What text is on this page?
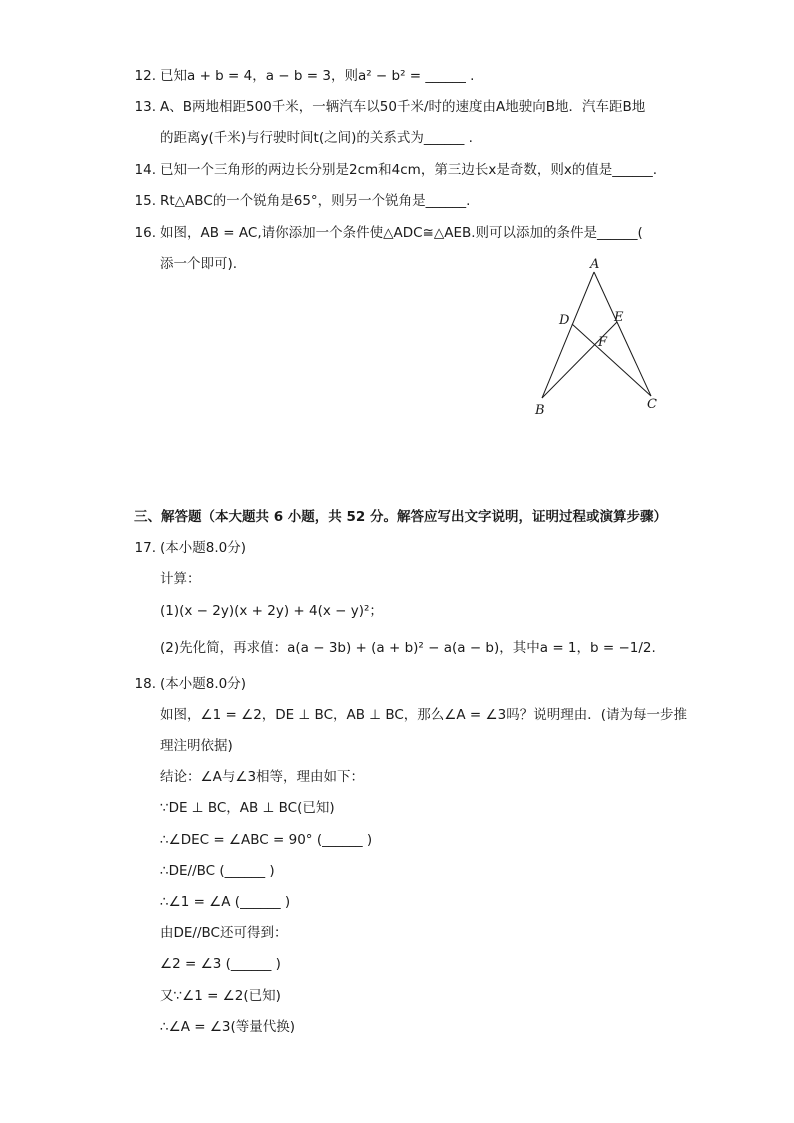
12. 已知a + b = 4，a − b = 3，则a² − b² = ______ .
13. A、B两地相距500千米，一辆汽车以50千米/时的速度由A地驶向B地．汽车距B地
的距离y(千米)与行驶时间t(之间)的关系式为______ .
14. 已知一个三角形的两边长分别是2cm和4cm，第三边长x是奇数，则x的值是______.
15. Rt△ABC的一个锐角是65°，则另一个锐角是______.
16. 如图，AB = AC,请你添加一个条件使△ADC≅△AEB.则可以添加的条件是______(
添一个即可).	A
B	C
D	E
F
三、解答题（本大题共 6 小题，共 52 分。解答应写出文字说明，证明过程或演算步骤）
17. (本小题8.0分)
计算：
(1)(x − 2y)(x + 2y) + 4(x − y)²；
(2)先化简，再求值：a(a − 3b) + (a + b)² − a(a − b)，其中a = 1，b = −1/2.
18. (本小题8.0分)
如图，∠1 = ∠2，DE ⊥ BC，AB ⊥ BC，那么∠A = ∠3吗？说明理由．(请为每一步推
理注明依据)
结论：∠A与∠3相等，理由如下：
∵DE ⊥ BC，AB ⊥ BC(已知)
∴∠DEC = ∠ABC = 90° (______ )
∴DE//BC (______ )
∴∠1 = ∠A (______ )
由DE//BC还可得到：
∠2 = ∠3 (______ )
又∵∠1 = ∠2(已知)
∴∠A = ∠3(等量代换)
